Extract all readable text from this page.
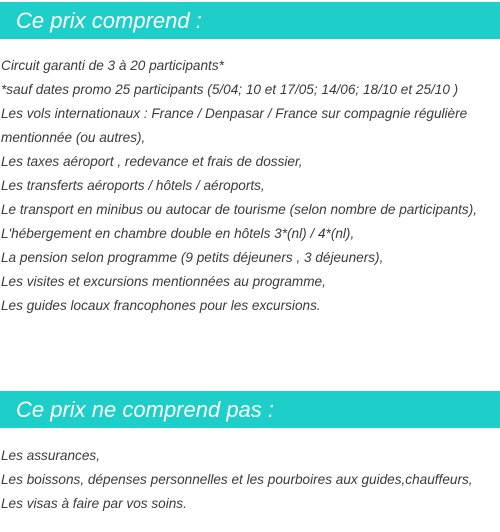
Ce prix comprend :
Circuit garanti de 3 à 20 participants*
*sauf dates promo 25 participants (5/04; 10 et 17/05; 14/06; 18/10 et 25/10 )
Les vols internationaux : France / Denpasar / France sur compagnie régulière mentionnée (ou autres),
Les taxes aéroport , redevance et frais de dossier,
Les transferts aéroports / hôtels / aéroports,
Le transport en minibus ou autocar de tourisme (selon nombre de participants),
L'hébergement en chambre double en hôtels 3*(nl) / 4*(nl),
La pension selon programme (9 petits déjeuners , 3 déjeuners),
Les visites et excursions mentionnées au programme,
Les guides locaux francophones pour les excursions.
Ce prix ne comprend pas :
Les assurances,
Les boissons, dépenses personnelles et les pourboires aux guides,chauffeurs,
Les visas à faire par vos soins.
